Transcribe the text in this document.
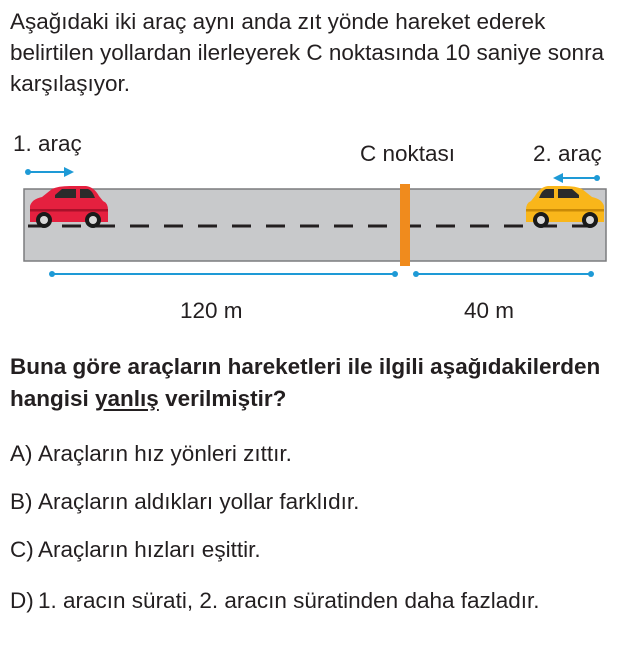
Aşağıdaki iki araç aynı anda zıt yönde hareket ederek belirtilen yollardan ilerleyerek C noktasında 10 saniye sonra karşılaşıyor.
1. araç	C noktası	2. araç
120 m	40 m
Buna göre araçların hareketleri ile ilgili aşağıdakilerden hangisi yanlış verilmiştir?
A) Araçların hız yönleri zıttır.
B) Araçların aldıkları yollar farklıdır.
C) Araçların hızları eşittir.
D) 1. aracın sürati, 2. aracın süratinden daha fazladır.
